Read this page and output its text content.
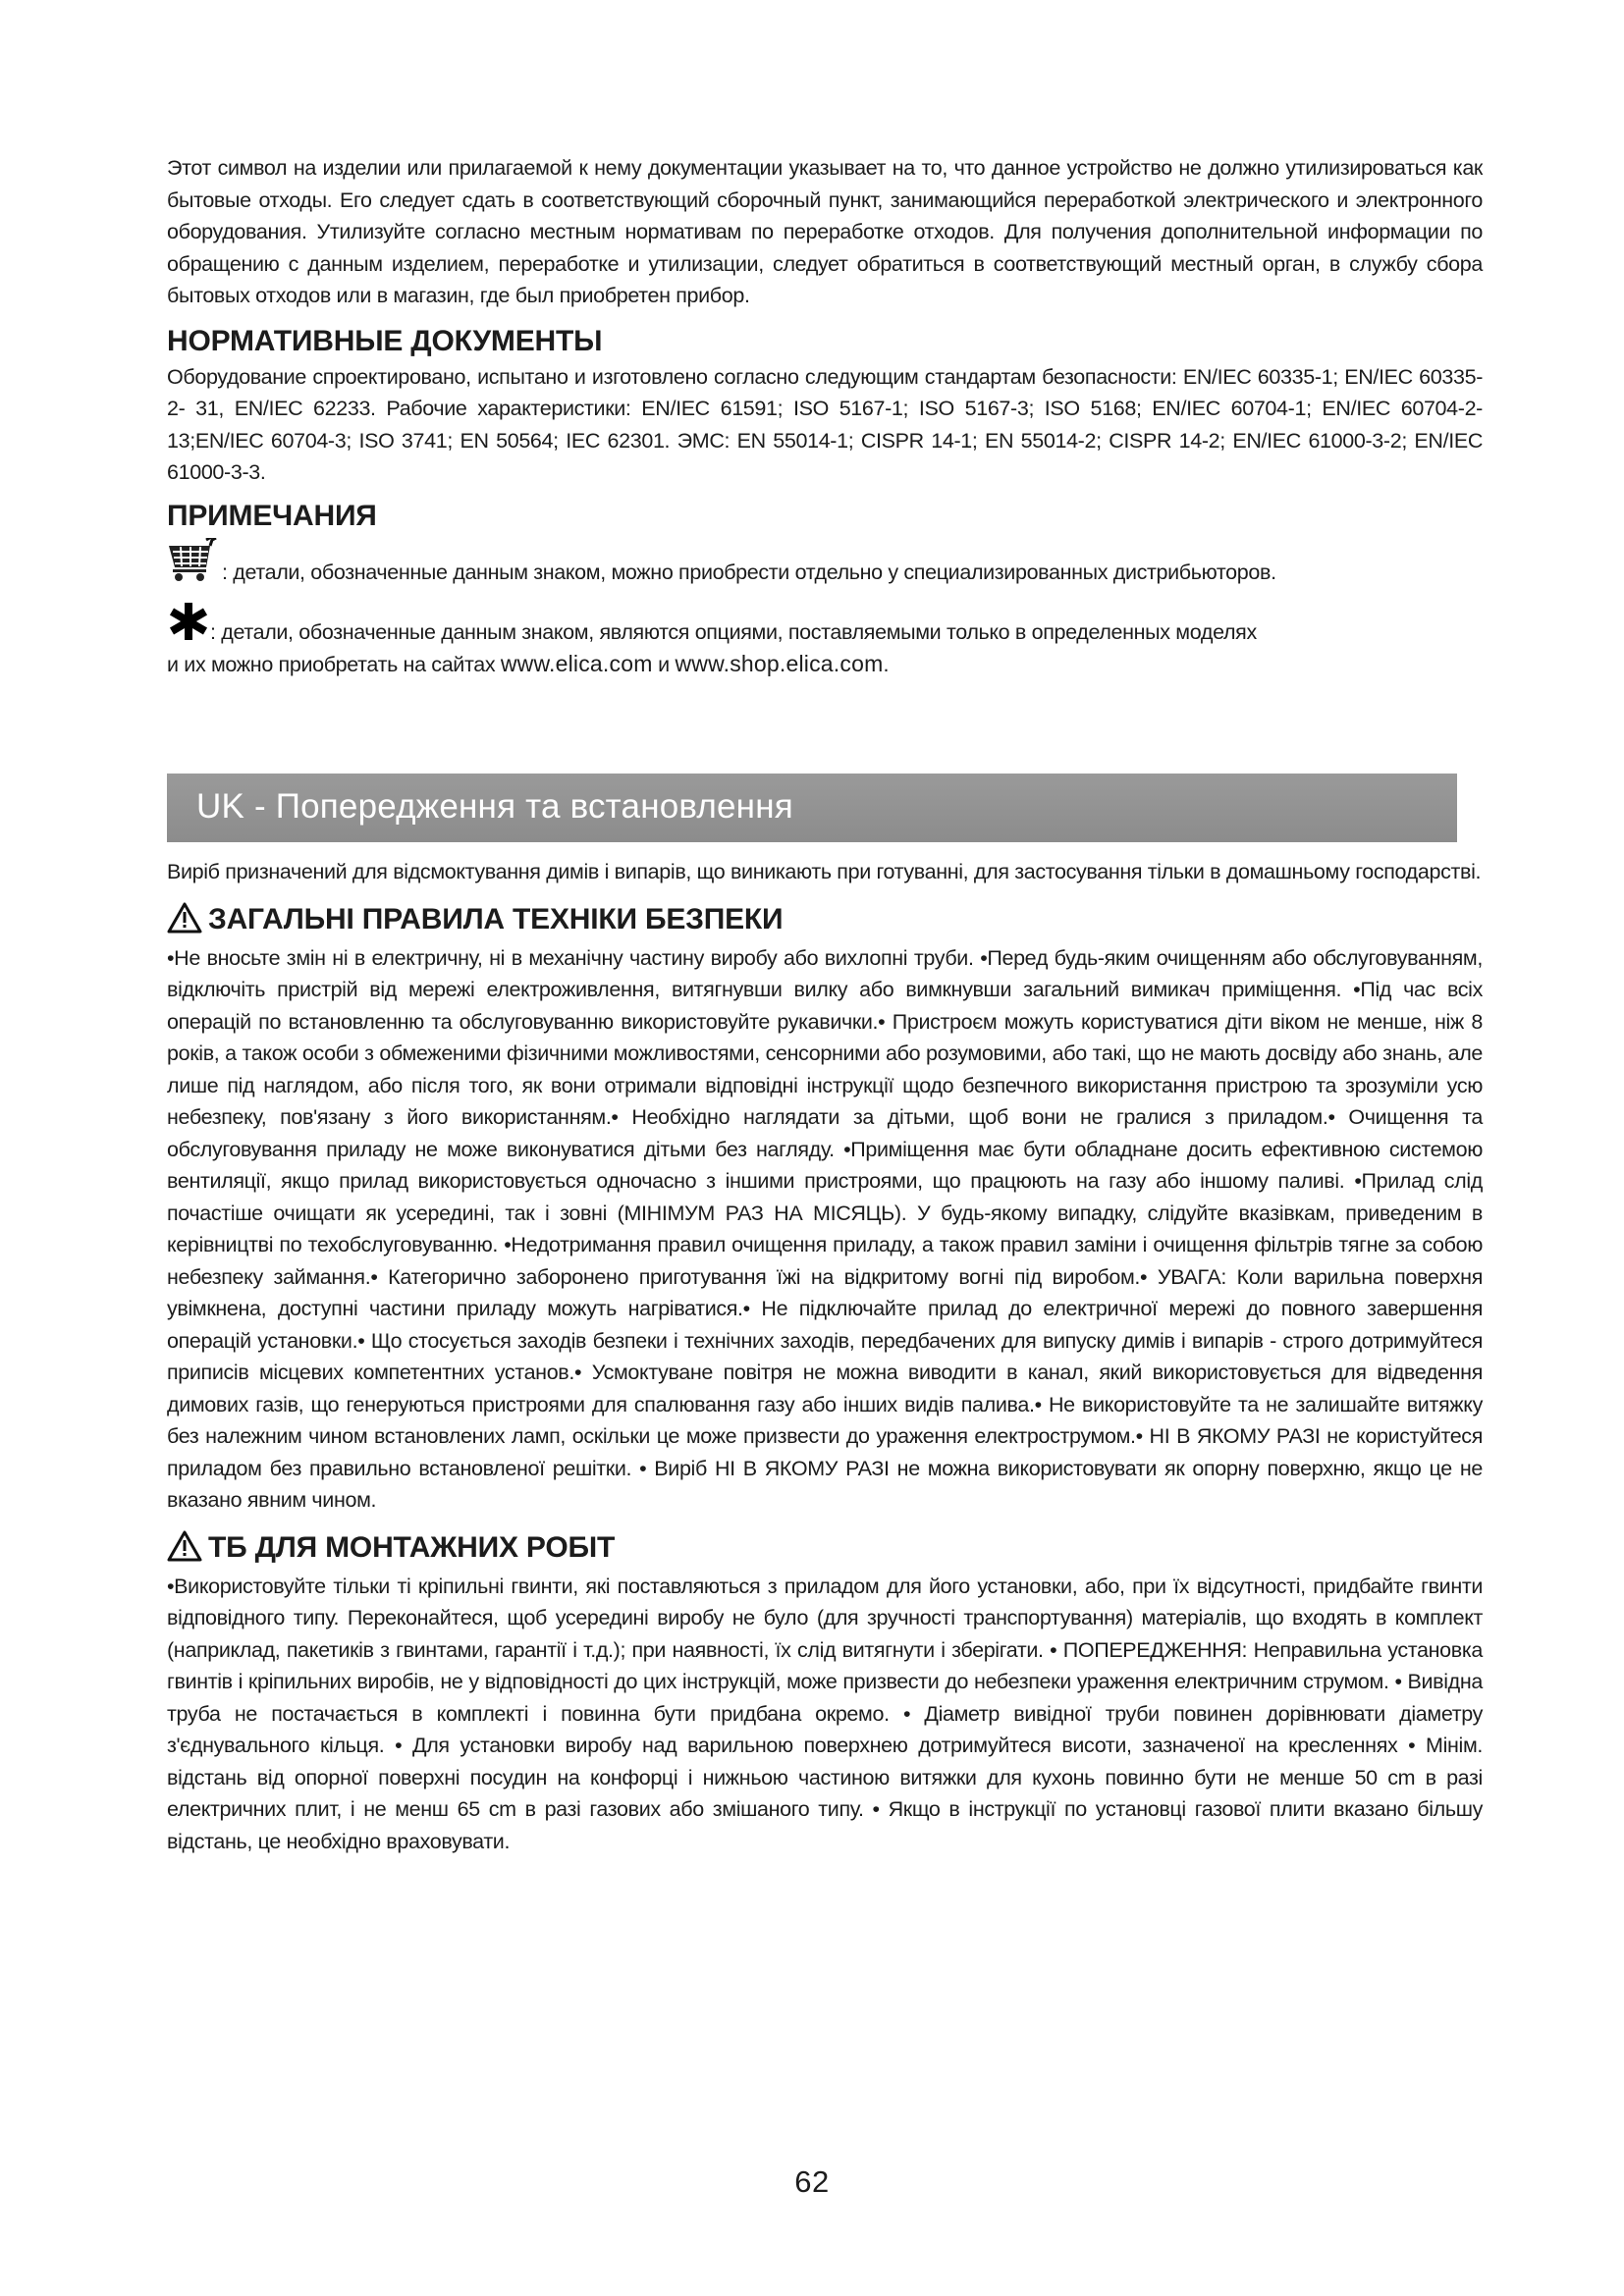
Этот символ на изделии или прилагаемой к нему документации указывает на то, что данное устройство не должно утилизироваться как бытовые отходы. Его следует сдать в соответствующий сборочный пункт, занимающийся переработкой электрического и электронного оборудования. Утилизуйте согласно местным нормативам по переработке отходов. Для получения дополнительной информации по обращению с данным изделием, переработке и утилизации, следует обратиться в соответствующий местный орган, в службу сбора бытовых отходов или в магазин, где был приобретен прибор.

НОРМАТИВНЫЕ ДОКУМЕНТЫ

Оборудование спроектировано, испытано и изготовлено согласно следующим стандартам безопасности: EN/IEC 60335-1; EN/IEC 60335-2- 31, EN/IEC 62233. Рабочие характеристики: EN/IEC 61591; ISO 5167-1; ISO 5167-3; ISO 5168; EN/IEC 60704-1; EN/IEC 60704-2-13;EN/IEC 60704-3; ISO 3741; EN 50564; IEC 62301. ЭМС: EN 55014-1; CISPR 14-1; EN 55014-2; CISPR 14-2; EN/IEC 61000-3-2; EN/IEC 61000-3-3.

ПРИМЕЧАНИЯ
: детали, обозначенные данным знаком, можно приобрести отдельно у специализированных дистрибьюторов.
: детали, обозначенные данным знаком, являются опциями, поставляемыми только в определенных моделях
и их можно приобретать на сайтах www.elica.com и www.shop.elica.com.
UK - Попередження та встановлення

Виріб призначений для відсмоктування димів і випарів, що виникають при готуванні, для застосування тільки в домашньому господарстві.

ЗАГАЛЬНІ ПРАВИЛА ТЕХНІКИ БЕЗПЕКИ

•Не вносьте змін ні в електричну, ні в механічну частину виробу або вихлопні труби. •Перед будь-яким очищенням або обслуговуванням, відключіть пристрій від мережі електроживлення, витягнувши вилку або вимкнувши загальний вимикач приміщення. •Під час всіх операцій по встановленню та обслуговуванню використовуйте рукавички.• Пристроєм можуть користуватися діти віком не менше, ніж 8 років, а також особи з обмеженими фізичними можливостями, сенсорними або розумовими, або такі, що не мають досвіду або знань, але лише під наглядом, або після того, як вони отримали відповідні інструкції щодо безпечного використання пристрою та зрозуміли усю небезпеку, пов'язану з його використанням.• Необхідно наглядати за дітьми, щоб вони не гралися з приладом.• Очищення та обслуговування приладу не може виконуватися дітьми без нагляду. •Приміщення має бути обладнане досить ефективною системою вентиляції, якщо прилад використовується одночасно з іншими пристроями, що працюють на газу або іншому паливі. •Прилад слід почастіше очищати як усередині, так і зовні (МІНІМУМ РАЗ НА МІСЯЦЬ). У будь-якому випадку, слідуйте вказівкам, приведеним в керівництві по техобслуговуванню. •Недотримання правил очищення приладу, а також правил заміни і очищення фільтрів тягне за собою небезпеку займання.• Категорично заборонено приготування їжі на відкритому вогні під виробом.• УВАГА: Коли варильна поверхня увімкнена, доступні частини приладу можуть нагріватися.• Не підключайте прилад до електричної мережі до повного завершення операцій установки.• Що стосується заходів безпеки і технічних заходів, передбачених для випуску димів і випарів - строго дотримуйтеся приписів місцевих компетентних установ.• Усмоктуване повітря не можна виводити в канал, який використовується для відведення димових газів, що генеруються пристроями для спалювання газу або інших видів палива.• Не використовуйте та не залишайте витяжку без належним чином встановлених ламп, оскільки це може призвести до ураження електрострумом.• НІ В ЯКОМУ РАЗІ не користуйтеся приладом без правильно встановленої решітки. • Виріб НІ В ЯКОМУ РАЗІ не можна використовувати як опорну поверхню, якщо це не вказано явним чином.

ТБ ДЛЯ МОНТАЖНИХ РОБІТ

•Використовуйте тільки ті кріпильні гвинти, які поставляються з приладом для його установки, або, при їх відсутності, придбайте гвинти відповідного типу. Переконайтеся, щоб усередині виробу не було (для зручності транспортування) матеріалів, що входять в комплект (наприклад, пакетиків з гвинтами, гарантії і т.д.); при наявності, їх слід витягнути і зберігати. • ПОПЕРЕДЖЕННЯ: Неправильна установка гвинтів і кріпильних виробів, не у відповідності до цих інструкцій, може призвести до небезпеки ураження електричним струмом. • Вивідна труба не постачається в комплекті і повинна бути придбана окремо. • Діаметр вивідної труби повинен дорівнювати діаметру з'єднувального кільця. • Для установки виробу над варильною поверхнею дотримуйтеся висоти, зазначеної на кресленнях • Мінім. відстань від опорної поверхні посудин на конфорці і нижньою частиною витяжки для кухонь повинно бути не менше 50 cm в разі електричних плит, і не менш 65 cm в разі газових або змішаного типу. • Якщо в інструкції по установці газової плити вказано більшу відстань, це необхідно враховувати.

62
